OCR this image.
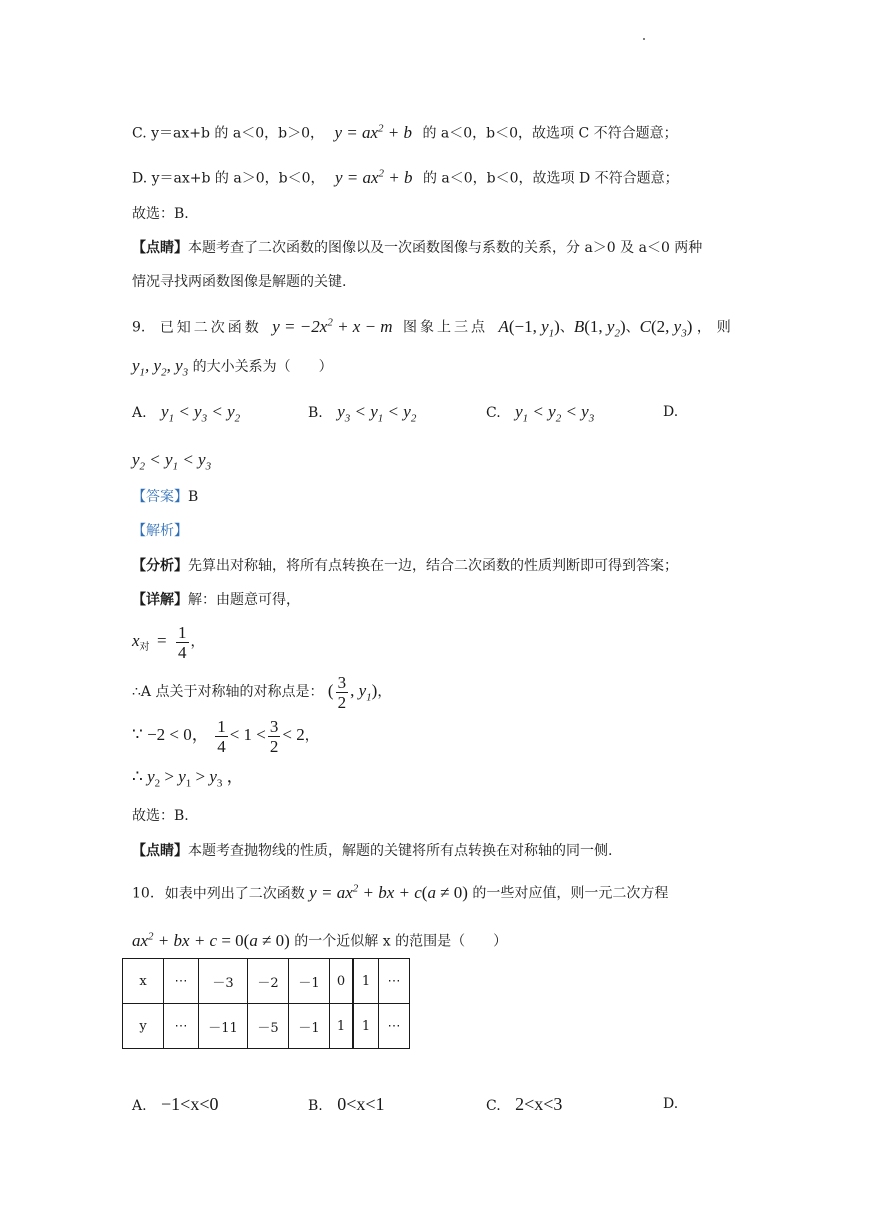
C. y＝ax+b 的 a＜0，b＞0， $y = ax^2 + b$ 的 a＜0，b＜0，故选项 C 不符合题意；
D. y＝ax+b 的 a＞0，b＜0， $y = ax^2 + b$ 的 a＜0，b＜0，故选项 D 不符合题意；
故选：B.
【点睛】本题考查了二次函数的图像以及一次函数图像与系数的关系，分 a＞0 及 a＜0 两种
情况寻找两函数图像是解题的关键.
9. 已知二次函数 $y = -2x^2 + x - m$ 图象上三点 A(−1, $y_1$)、B(1, $y_2$)、C(2, $y_3$) ，则
$y_1$, $y_2$, $y_3$ 的大小关系为（　　）
A. $y_1 < y_3 < y_2$	B. $y_3 < y_1 < y_2$	C. $y_1 < y_2 < y_3$	D.
$y_2 < y_1 < y_3$
【答案】B
【解析】
【分析】先算出对称轴，将所有点转换在一边，结合二次函数的性质判断即可得到答案；
【详解】解：由题意可得，
$x_对 = \frac{1}{4}$ ，
∴A 点关于对称轴的对称点是： ( $\frac{3}{2}$ , $y_1$)，
∵ −2 < 0， $\frac{1}{4} < 1 < \frac{3}{2} < 2$，
∴ $y_2 > y_1 > y_3$ ，
故选：B.
【点睛】本题考查抛物线的性质，解题的关键将所有点转换在对称轴的同一侧.
10. 如表中列出了二次函数 $y = ax^2$ + bx + c(a ≠ 0) 的一些对应值，则一元二次方程
$ax^2$ + bx + c = 0(a ≠ 0) 的一个近似解 x 的范围是（　　）
x	⋯	－3	－2	－1	0	1	⋯
y	⋯	－11	－5	－1	1	1	⋯
A. −1<x<0	B. 0<x<1	C. 2<x<3	D.
